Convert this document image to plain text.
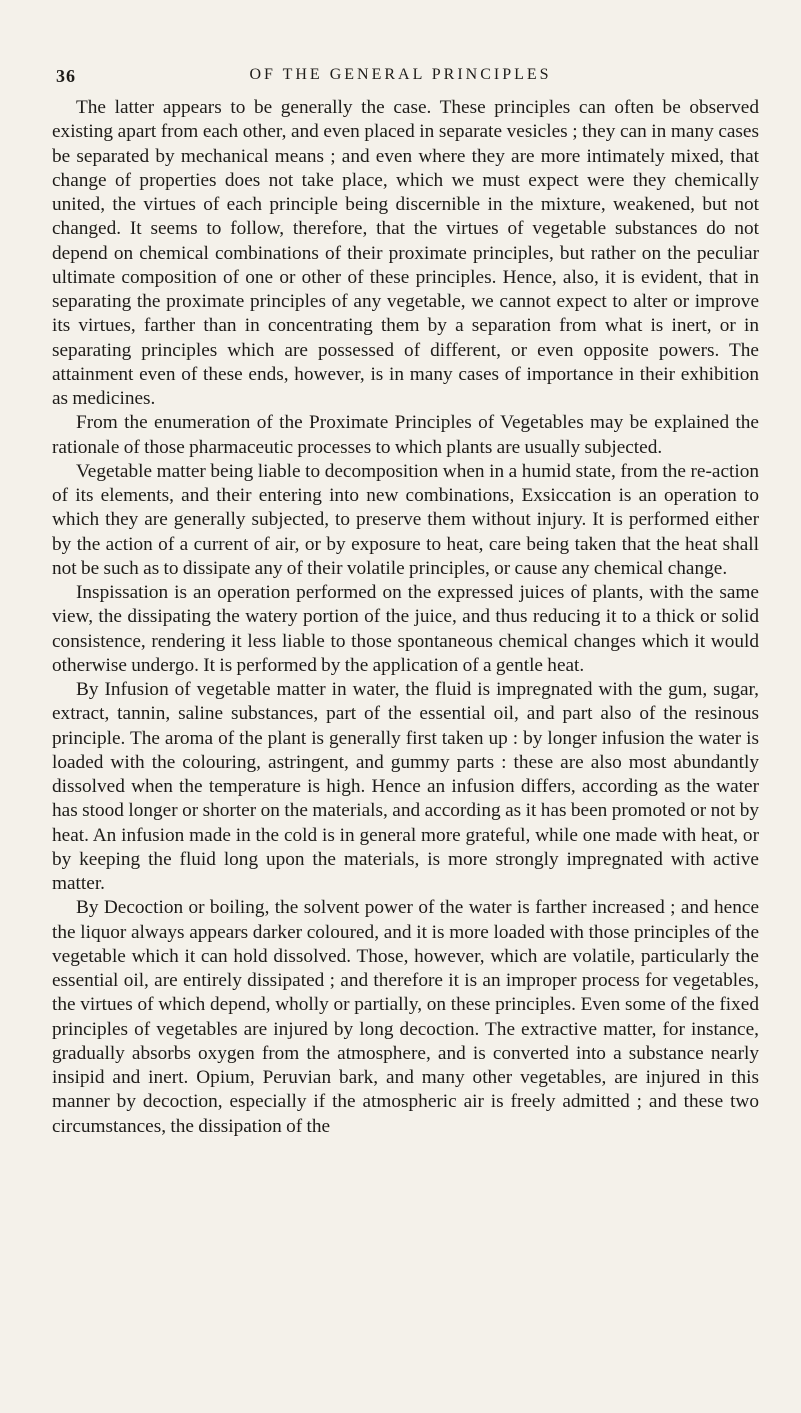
36	OF THE GENERAL PRINCIPLES

The latter appears to be generally the case. These principles can often be observed existing apart from each other, and even placed in separate vesicles ; they can in many cases be separated by mechanical means ; and even where they are more intimately mixed, that change of properties does not take place, which we must expect were they chemically united, the virtues of each principle being discernible in the mixture, weakened, but not changed. It seems to follow, therefore, that the virtues of vegetable substances do not depend on chemical combinations of their proximate principles, but rather on the peculiar ultimate composition of one or other of these principles. Hence, also, it is evident, that in separating the proximate principles of any vegetable, we cannot expect to alter or improve its virtues, farther than in concentrating them by a separation from what is inert, or in separating principles which are possessed of different, or even opposite powers. The attainment even of these ends, however, is in many cases of importance in their exhibition as medicines.

From the enumeration of the Proximate Principles of Vegetables may be explained the rationale of those pharmaceutic processes to which plants are usually subjected.

Vegetable matter being liable to decomposition when in a humid state, from the re-action of its elements, and their entering into new combinations, Exsiccation is an operation to which they are generally subjected, to preserve them without injury. It is performed either by the action of a current of air, or by exposure to heat, care being taken that the heat shall not be such as to dissipate any of their volatile principles, or cause any chemical change.

Inspissation is an operation performed on the expressed juices of plants, with the same view, the dissipating the watery portion of the juice, and thus reducing it to a thick or solid consistence, rendering it less liable to those spontaneous chemical changes which it would otherwise undergo. It is performed by the application of a gentle heat.

By Infusion of vegetable matter in water, the fluid is impregnated with the gum, sugar, extract, tannin, saline substances, part of the essential oil, and part also of the resinous principle. The aroma of the plant is generally first taken up : by longer infusion the water is loaded with the colouring, astringent, and gummy parts : these are also most abundantly dissolved when the temperature is high. Hence an infusion differs, according as the water has stood longer or shorter on the materials, and according as it has been promoted or not by heat. An infusion made in the cold is in general more grateful, while one made with heat, or by keeping the fluid long upon the materials, is more strongly impregnated with active matter.

By Decoction or boiling, the solvent power of the water is farther increased ; and hence the liquor always appears darker coloured, and it is more loaded with those principles of the vegetable which it can hold dissolved. Those, however, which are volatile, particularly the essential oil, are entirely dissipated ; and therefore it is an improper process for vegetables, the virtues of which depend, wholly or partially, on these principles. Even some of the fixed principles of vegetables are injured by long decoction. The extractive matter, for instance, gradually absorbs oxygen from the atmosphere, and is converted into a substance nearly insipid and inert. Opium, Peruvian bark, and many other vegetables, are injured in this manner by decoction, especially if the atmospheric air is freely admitted ; and these two circumstances, the dissipation of the
